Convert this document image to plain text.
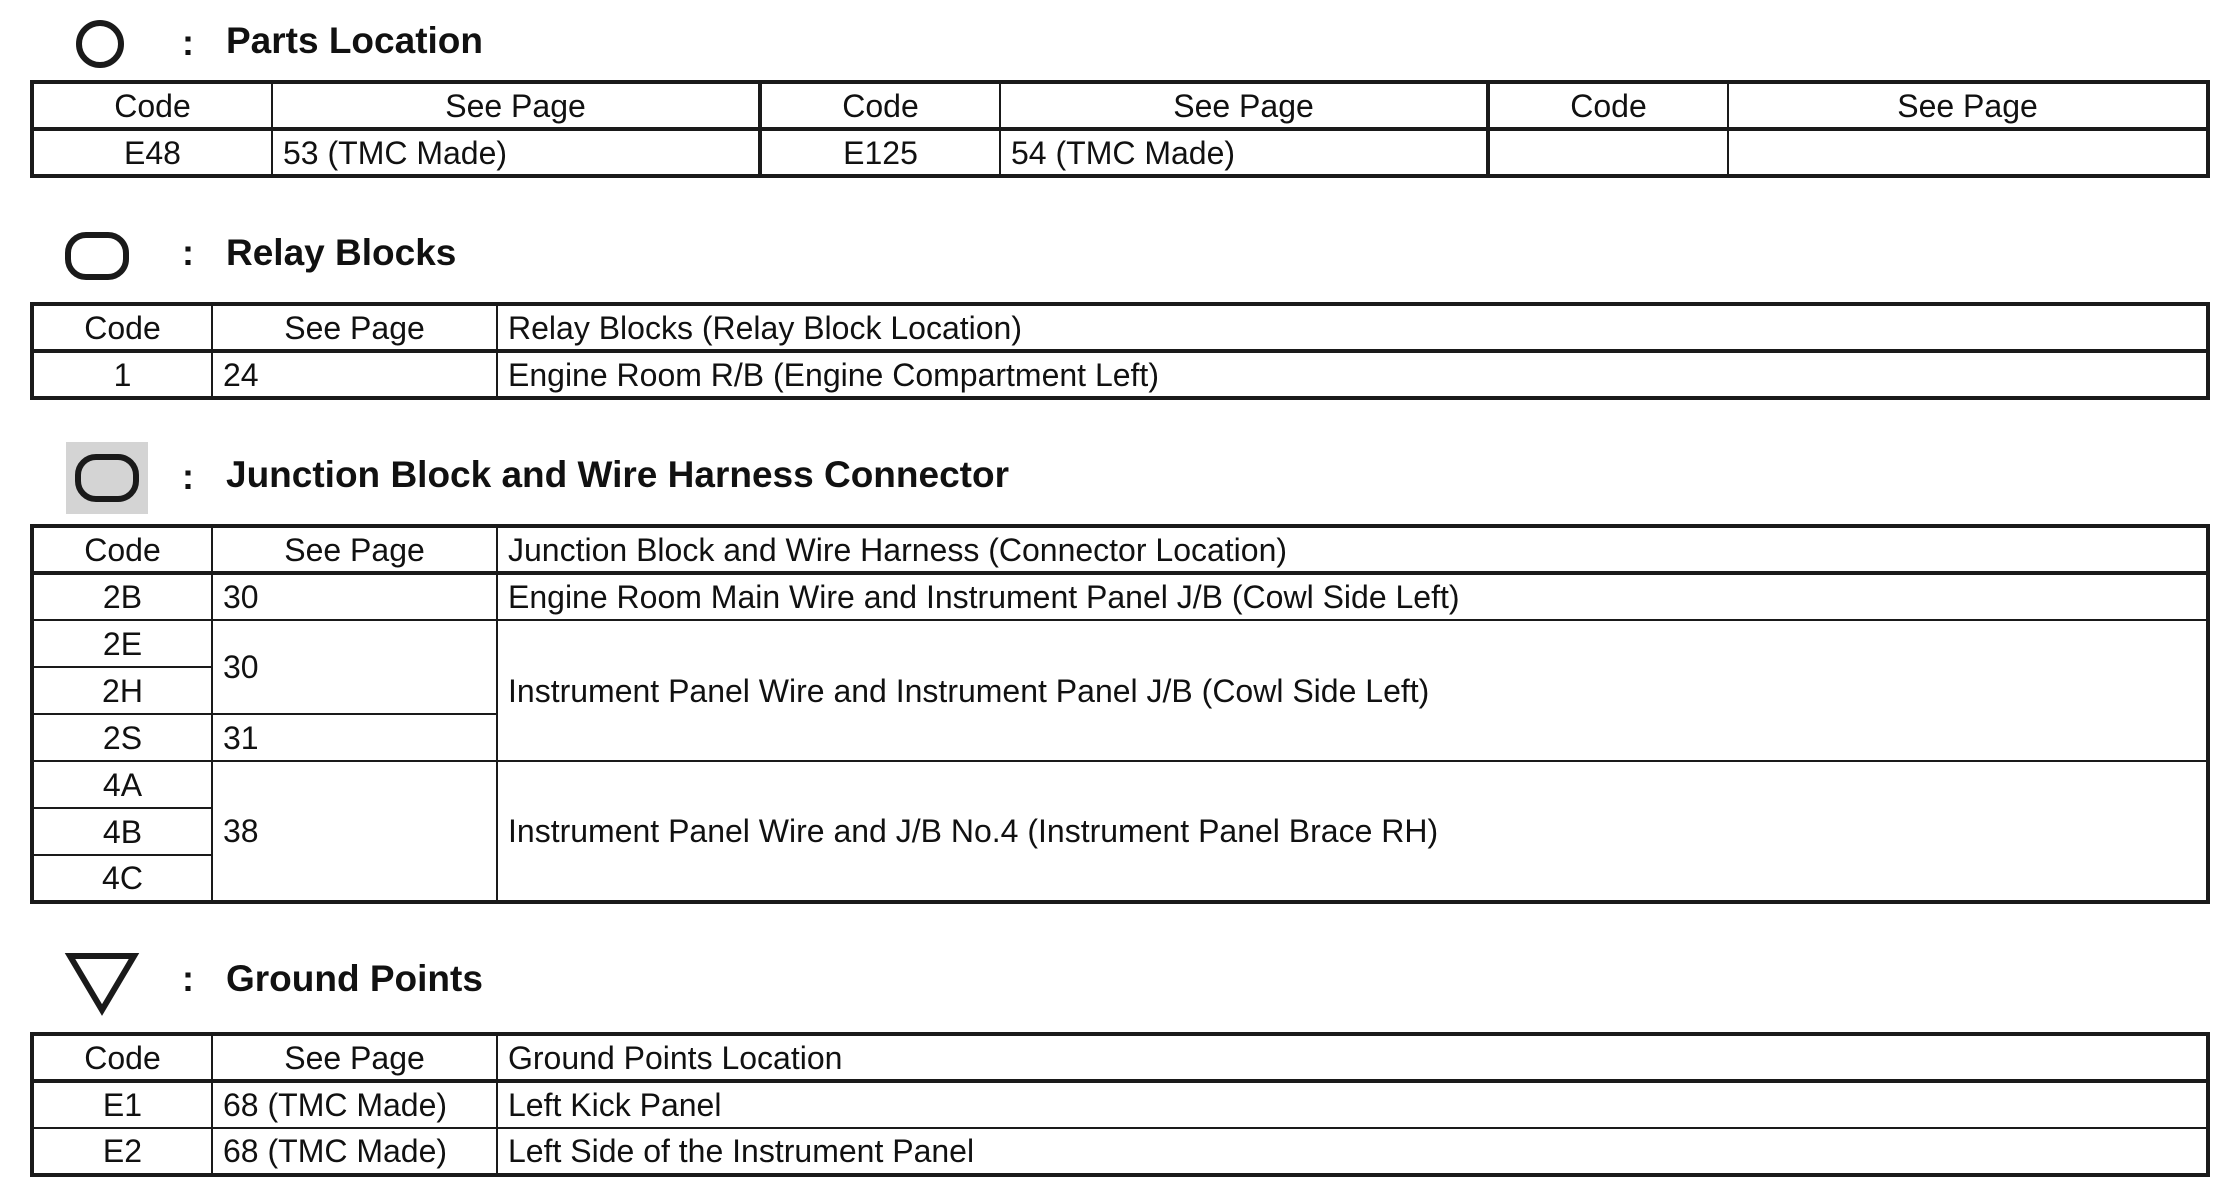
: Parts Location
Code	See Page	Code	See Page	Code	See Page
E48	53 (TMC Made)	E125	54 (TMC Made)		
: Relay Blocks
Code	See Page	Relay Blocks (Relay Block Location)
1	24	Engine Room R/B (Engine Compartment Left)
: Junction Block and Wire Harness Connector
Code	See Page	Junction Block and Wire Harness (Connector Location)
2B	30	Engine Room Main Wire and Instrument Panel J/B (Cowl Side Left)
2E	30	Instrument Panel Wire and Instrument Panel J/B (Cowl Side Left)
2H		
2S	31	
4A	38	Instrument Panel Wire and J/B No.4 (Instrument Panel Brace RH)
4B		
4C		
: Ground Points
Code	See Page	Ground Points Location
E1	68 (TMC Made)	Left Kick Panel
E2	68 (TMC Made)	Left Side of the Instrument Panel
